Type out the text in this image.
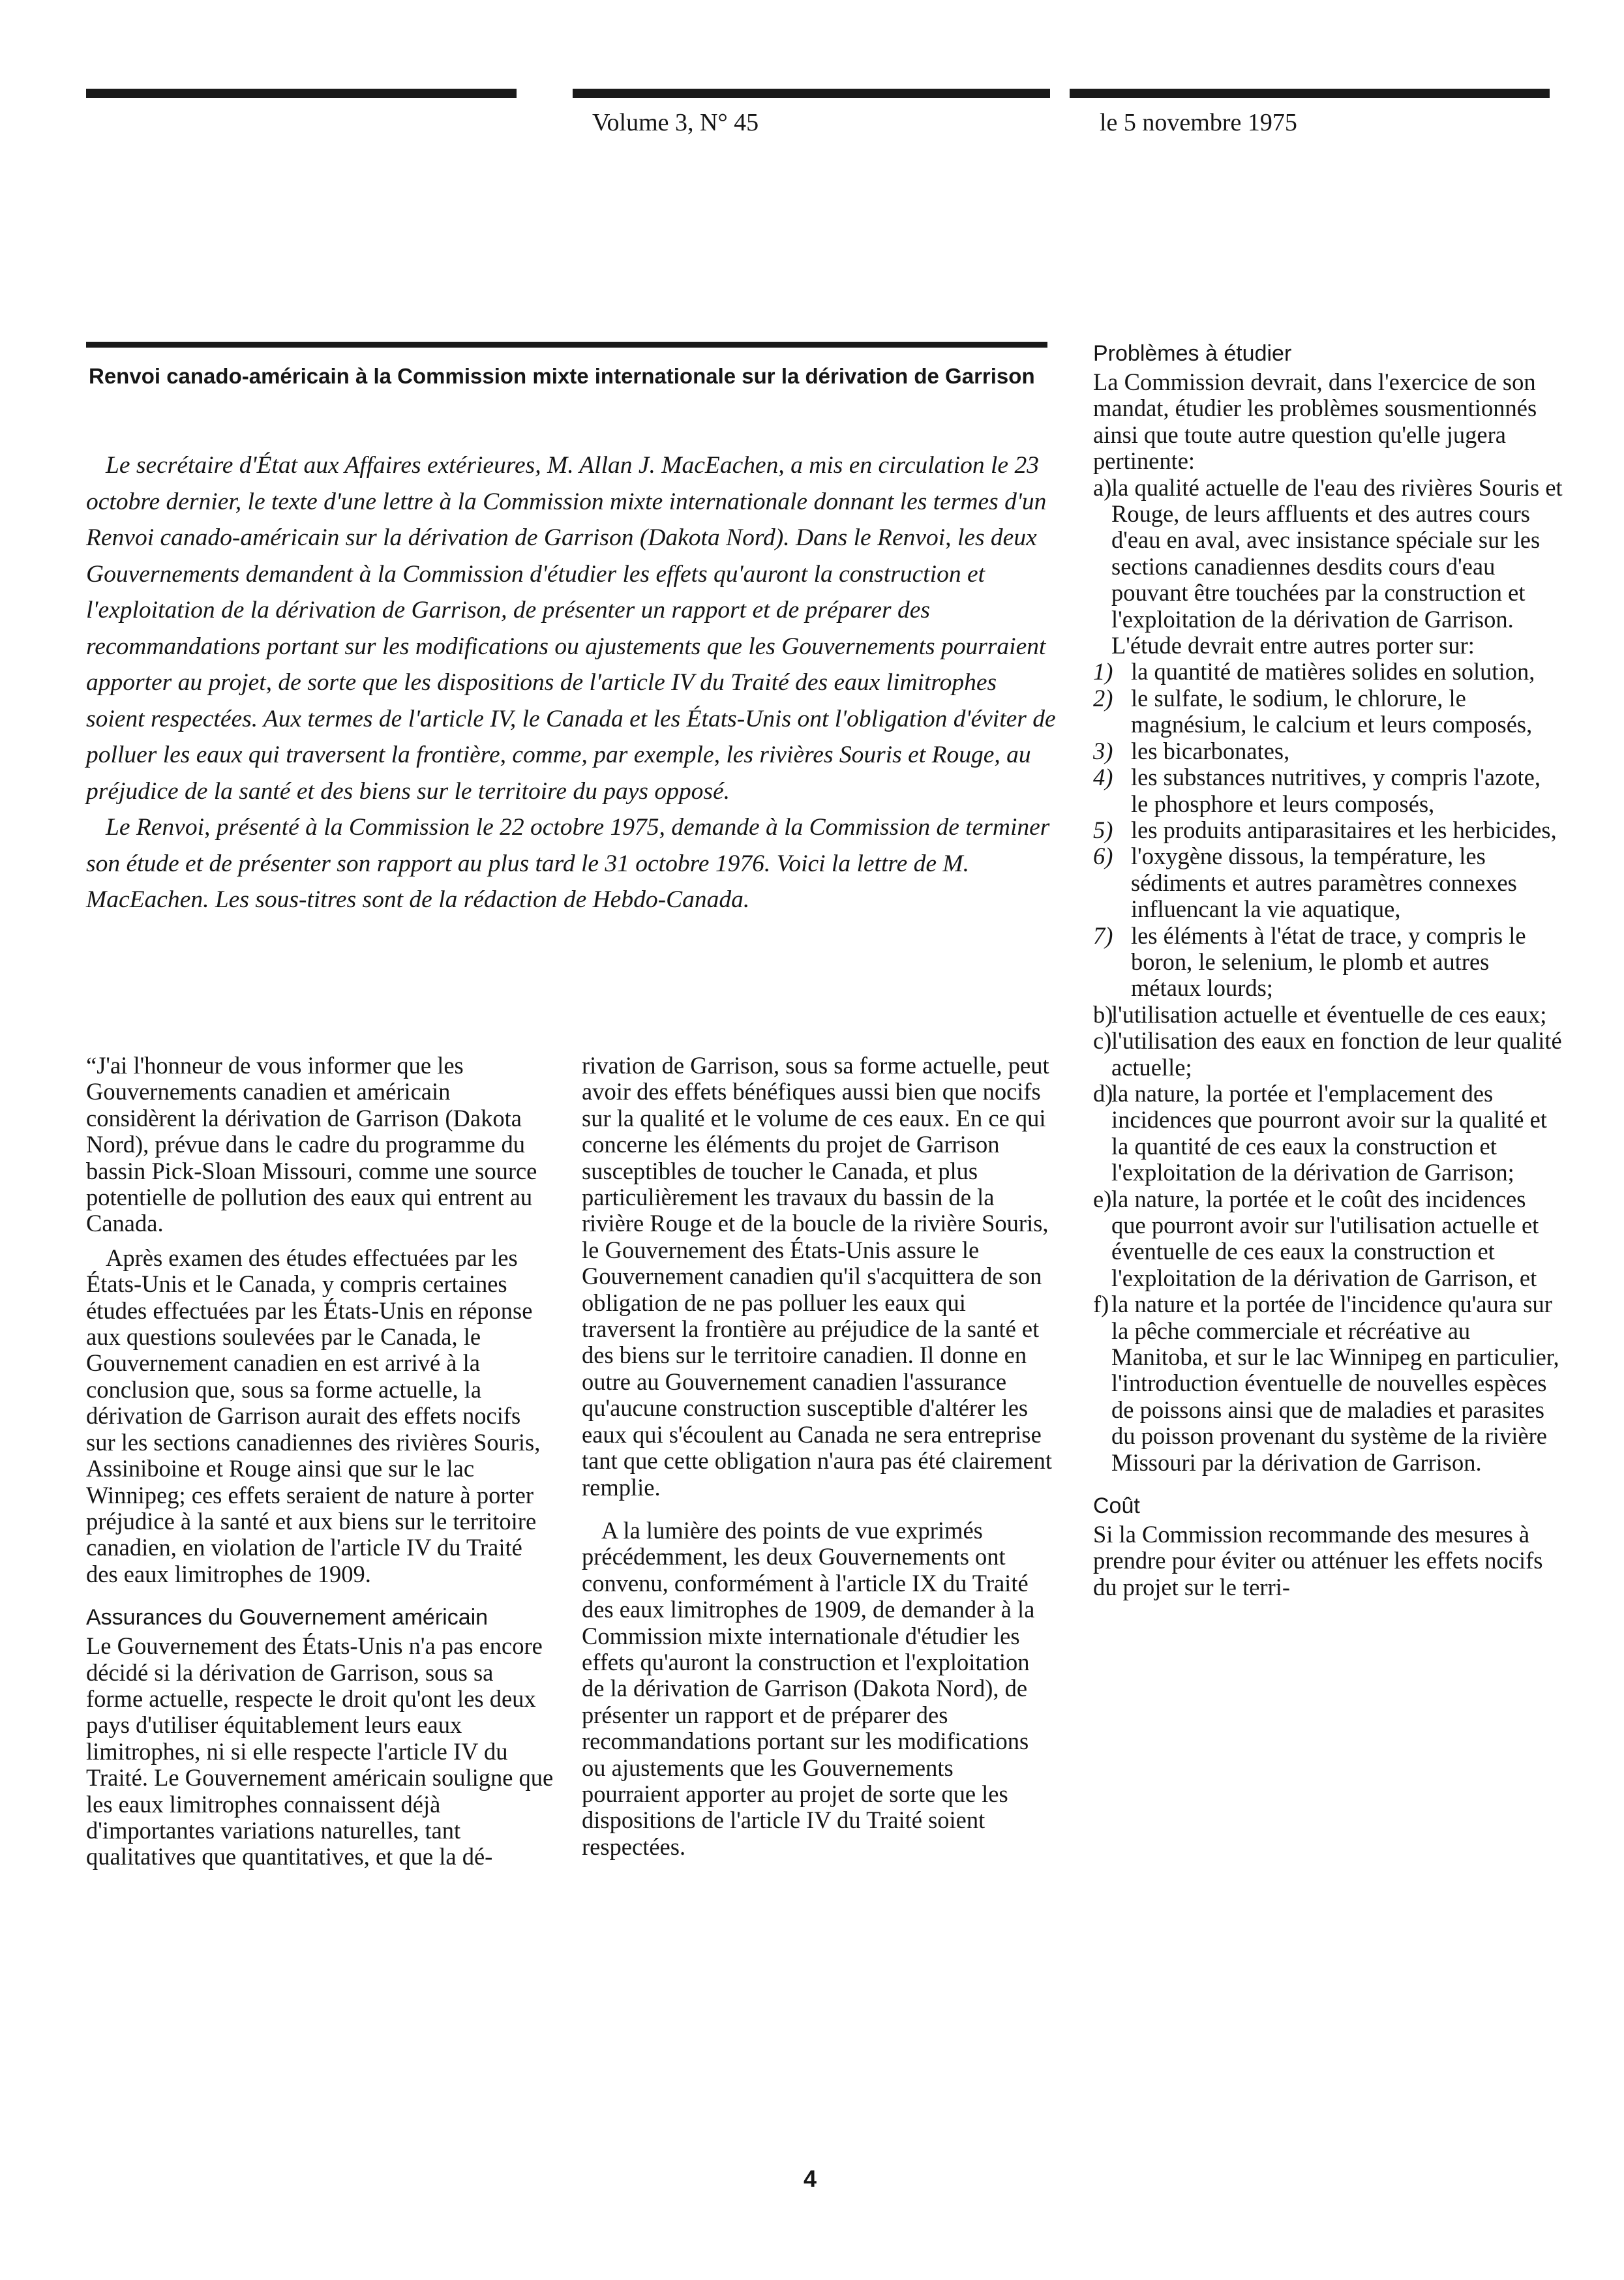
Volume 3, N° 45	le 5 novembre 1975
Renvoi canado-américain à la Commission mixte internationale sur la dérivation de Garrison

Le secrétaire d'État aux Affaires extérieures, M. Allan J. MacEachen, a mis en circulation le 23 octobre dernier, le texte d'une lettre à la Commission mixte internationale donnant les termes d'un Renvoi canado-américain sur la dérivation de Garrison (Dakota Nord). Dans le Renvoi, les deux Gouvernements demandent à la Commission d'étudier les effets qu'auront la construction et l'exploitation de la dérivation de Garrison, de présenter un rapport et de préparer des recommandations portant sur les modifications ou ajustements que les Gouvernements pourraient apporter au projet, de sorte que les dispositions de l'article IV du Traité des eaux limitrophes soient respectées. Aux termes de l'article IV, le Canada et les États-Unis ont l'obligation d'éviter de polluer les eaux qui traversent la frontière, comme, par exemple, les rivières Souris et Rouge, au préjudice de la santé et des biens sur le territoire du pays opposé.

Le Renvoi, présenté à la Commission le 22 octobre 1975, demande à la Commission de terminer son étude et de présenter son rapport au plus tard le 31 octobre 1976. Voici la lettre de M. MacEachen. Les sous-titres sont de la rédaction de Hebdo-Canada.

“J'ai l'honneur de vous informer que les Gouvernements canadien et américain considèrent la dérivation de Garrison (Dakota Nord), prévue dans le cadre du programme du bassin Pick-Sloan Missouri, comme une source potentielle de pollution des eaux qui entrent au Canada.

Après examen des études effectuées par les États-Unis et le Canada, y compris certaines études effectuées par les États-Unis en réponse aux questions soulevées par le Canada, le Gouvernement canadien en est arrivé à la conclusion que, sous sa forme actuelle, la dérivation de Garrison aurait des effets nocifs sur les sections canadiennes des rivières Souris, Assiniboine et Rouge ainsi que sur le lac Winnipeg; ces effets seraient de nature à porter préjudice à la santé et aux biens sur le territoire canadien, en violation de l'article IV du Traité des eaux limitrophes de 1909.

Assurances du Gouvernement américain

Le Gouvernement des États-Unis n'a pas encore décidé si la dérivation de Garrison, sous sa forme actuelle, respecte le droit qu'ont les deux pays d'utiliser équitablement leurs eaux limitrophes, ni si elle respecte l'article IV du Traité. Le Gouvernement américain souligne que les eaux limitrophes connaissent déjà d'importantes variations naturelles, tant qualitatives que quantitatives, et que la dé-

rivation de Garrison, sous sa forme actuelle, peut avoir des effets bénéfiques aussi bien que nocifs sur la qualité et le volume de ces eaux. En ce qui concerne les éléments du projet de Garrison susceptibles de toucher le Canada, et plus particulièrement les travaux du bassin de la rivière Rouge et de la boucle de la rivière Souris, le Gouvernement des États-Unis assure le Gouvernement canadien qu'il s'acquittera de son obligation de ne pas polluer les eaux qui traversent la frontière au préjudice de la santé et des biens sur le territoire canadien. Il donne en outre au Gouvernement canadien l'assurance qu'aucune construction susceptible d'altérer les eaux qui s'écoulent au Canada ne sera entreprise tant que cette obligation n'aura pas été clairement remplie.

A la lumière des points de vue exprimés précédemment, les deux Gouvernements ont convenu, conformément à l'article IX du Traité des eaux limitrophes de 1909, de demander à la Commission mixte internationale d'étudier les effets qu'auront la construction et l'exploitation de la dérivation de Garrison (Dakota Nord), de présenter un rapport et de préparer des recommandations portant sur les modifications ou ajustements que les Gouvernements pourraient apporter au projet de sorte que les dispositions de l'article IV du Traité soient respectées.

Problèmes à étudier

La Commission devrait, dans l'exercice de son mandat, étudier les problèmes sousmentionnés ainsi que toute autre question qu'elle jugera pertinente:

a) la qualité actuelle de l'eau des rivières Souris et Rouge, de leurs affluents et des autres cours d'eau en aval, avec insistance spéciale sur les sections canadiennes desdits cours d'eau pouvant être touchées par la construction et l'exploitation de la dérivation de Garrison. L'étude devrait entre autres porter sur:
1) la quantité de matières solides en solution,
2) le sulfate, le sodium, le chlorure, le magnésium, le calcium et leurs composés,
3) les bicarbonates,
4) les substances nutritives, y compris l'azote, le phosphore et leurs composés,
5) les produits antiparasitaires et les herbicides,
6) l'oxygène dissous, la température, les sédiments et autres paramètres connexes influencant la vie aquatique,
7) les éléments à l'état de trace, y compris le boron, le selenium, le plomb et autres métaux lourds;
b)
l'utilisation actuelle et éventuelle de ces eaux;
c) l'utilisation des eaux en fonction de leur qualité actuelle;
d)
la nature, la portée et l'emplacement des incidences que pourront avoir sur la qualité et la quantité de ces eaux la construction et l'exploitation de la dérivation de Garrison;
e) la nature, la portée et le coût des incidences que pourront avoir sur l'utilisation actuelle et éventuelle de ces eaux la construction et l'exploitation de la dérivation de Garrison, et
f) la nature et la portée de l'incidence qu'aura sur la pêche commerciale et récréative au Manitoba, et sur le lac Winnipeg en particulier, l'introduction éventuelle de nouvelles espèces de poissons ainsi que de maladies et parasites du poisson provenant du système de la rivière Missouri par la dérivation de Garrison.
Coût

Si la Commission recommande des mesures à prendre pour éviter ou atténuer les effets nocifs du projet sur le terri-

4
